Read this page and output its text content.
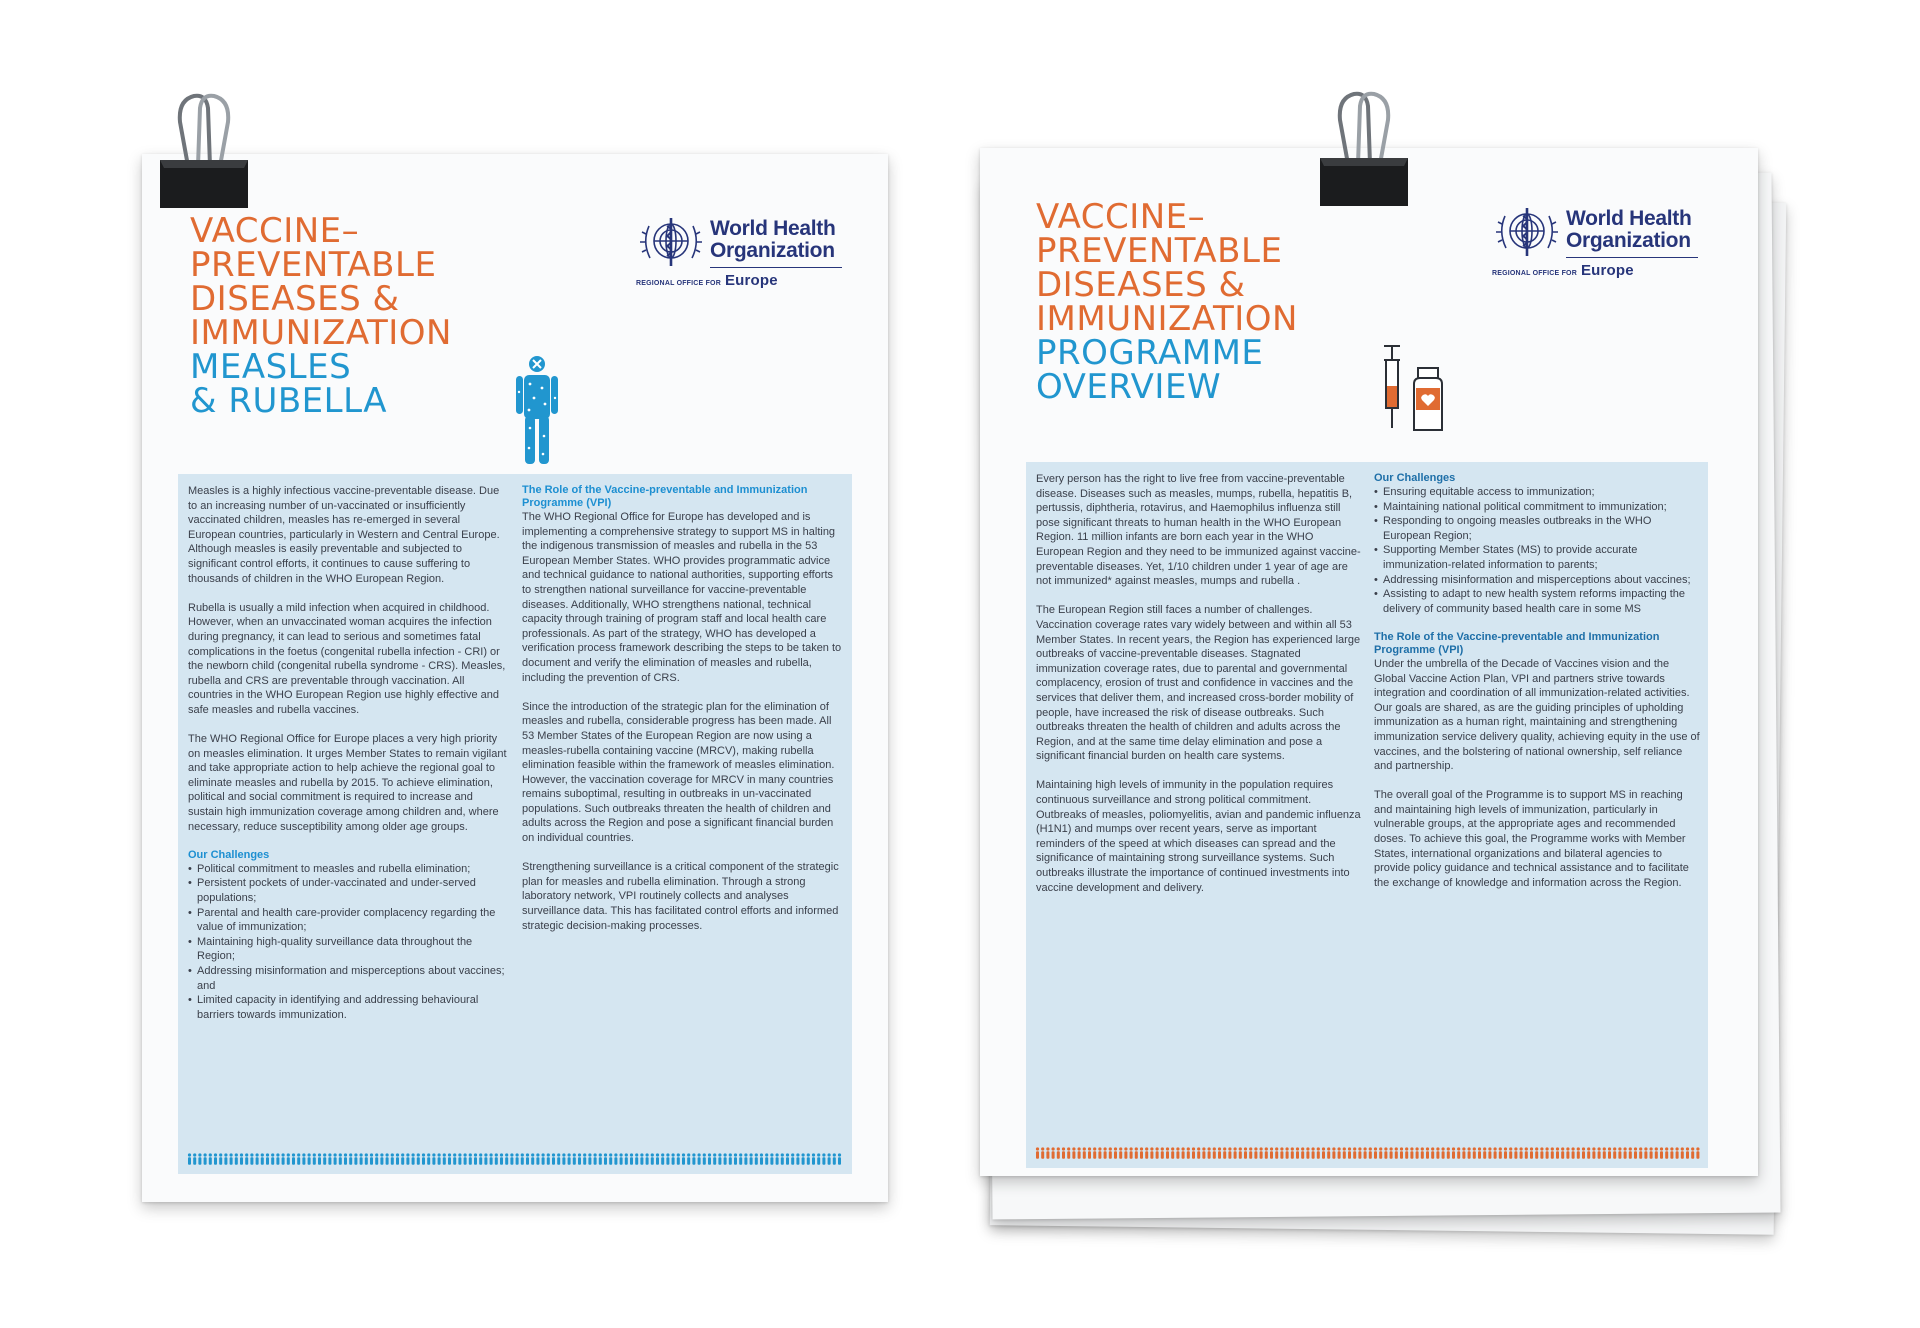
VACCINE–
PREVENTABLE
DISEASES &
IMMUNIZATION
MEASLES
& RUBELLA
World Health
Organization
REGIONAL OFFICE FOR Europe

Measles is a highly infectious vaccine-preventable disease. Due to an increasing number of un-vaccinated or insufficiently vaccinated children, measles has re-emerged in several European countries, particularly in Western and Central Europe. Although measles is easily preventable and subjected to significant control efforts, it continues to cause suffering to thousands of children in the WHO European Region.

Rubella is usually a mild infection when acquired in childhood. However, when an unvaccinated woman acquires the infection during pregnancy, it can lead to serious and sometimes fatal complications in the foetus (congenital rubella infection - CRI) or the newborn child (congenital rubella syndrome - CRS). Measles, rubella and CRS are preventable through vaccination. All countries in the WHO European Region use highly effective and safe measles and rubella vaccines.

The WHO Regional Office for Europe places a very high priority on measles elimination. It urges Member States to remain vigilant and take appropriate action to help achieve the regional goal to eliminate measles and rubella by 2015. To achieve elimination, political and social commitment is required to increase and sustain high immunization coverage among children and, where necessary, reduce susceptibility among older age groups.

Our Challenges
• Political commitment to measles and rubella elimination;
• Persistent pockets of under-vaccinated and under-served populations;
• Parental and health care-provider complacency regarding the value of immunization;
• Maintaining high-quality surveillance data throughout the Region;
• Addressing misinformation and misperceptions about vaccines; and
• Limited capacity in identifying and addressing behavioural barriers towards immunization.
The Role of the Vaccine-preventable and Immunization Programme (VPI)

The WHO Regional Office for Europe has developed and is implementing a comprehensive strategy to support MS in halting the indigenous transmission of measles and rubella in the 53 European Member States. WHO provides programmatic advice and technical guidance to national authorities, supporting efforts to strengthen national surveillance for vaccine-preventable diseases. Additionally, WHO strengthens national, technical capacity through training of program staff and local health care professionals. As part of the strategy, WHO has developed a verification process framework describing the steps to be taken to document and verify the elimination of measles and rubella, including the prevention of CRS.

Since the introduction of the strategic plan for the elimination of measles and rubella, considerable progress has been made. All 53 Member States of the European Region are now using a measles-rubella containing vaccine (MRCV), making rubella elimination feasible within the framework of measles elimination. However, the vaccination coverage for MRCV in many countries remains suboptimal, resulting in outbreaks in un-vaccinated populations. Such outbreaks threaten the health of children and adults across the Region and pose a significant financial burden on individual countries.

Strengthening surveillance is a critical component of the strategic plan for measles and rubella elimination. Through a strong laboratory network, VPI routinely collects and analyses surveillance data. This has facilitated control efforts and informed strategic decision-making processes.

VACCINE–
PREVENTABLE
DISEASES &
IMMUNIZATION
PROGRAMME
OVERVIEW
World Health
Organization
REGIONAL OFFICE FOR Europe

Every person has the right to live free from vaccine-preventable disease. Diseases such as measles, mumps, rubella, hepatitis B, pertussis, diphtheria, rotavirus, and Haemophilus influenza still pose significant threats to human health in the WHO European Region. 11 million infants are born each year in the WHO European Region and they need to be immunized against vaccine-preventable diseases. Yet, 1/10 children under 1 year of age are not immunized* against measles, mumps and rubella .

The European Region still faces a number of challenges. Vaccination coverage rates vary widely between and within all 53 Member States. In recent years, the Region has experienced large outbreaks of vaccine-preventable diseases. Stagnated immunization coverage rates, due to parental and governmental complacency, erosion of trust and confidence in vaccines and the services that deliver them, and increased cross-border mobility of people, have increased the risk of disease outbreaks. Such outbreaks threaten the health of children and adults across the Region, and at the same time delay elimination and pose a significant financial burden on health care systems.

Maintaining high levels of immunity in the population requires continuous surveillance and strong political commitment. Outbreaks of measles, poliomyelitis, avian and pandemic influenza (H1N1) and mumps over recent years, serve as important reminders of the speed at which diseases can spread and the significance of maintaining strong surveillance systems. Such outbreaks illustrate the importance of continued investments into vaccine development and delivery.

Our Challenges
• Ensuring equitable access to immunization;
• Maintaining national political commitment to immunization;
• Responding to ongoing measles outbreaks in the WHO European Region;
• Supporting Member States (MS) to provide accurate immunization-related information to parents;
• Addressing misinformation and misperceptions about vaccines;
• Assisting to adapt to new health system reforms impacting the delivery of community based health care in some MS
The Role of the Vaccine-preventable and Immunization Programme (VPI)

Under the umbrella of the Decade of Vaccines vision and the Global Vaccine Action Plan, VPI and partners strive towards integration and coordination of all immunization-related activities. Our goals are shared, as are the guiding principles of upholding immunization as a human right, maintaining and strengthening immunization service delivery quality, achieving equity in the use of vaccines, and the bolstering of national ownership, self reliance and partnership.

The overall goal of the Programme is to support MS in reaching and maintaining high levels of immunization, particularly in vulnerable groups, at the appropriate ages and recommended doses. To achieve this goal, the Programme works with Member States, international organizations and bilateral agencies to provide policy guidance and technical assistance and to facilitate the exchange of knowledge and information across the Region.
